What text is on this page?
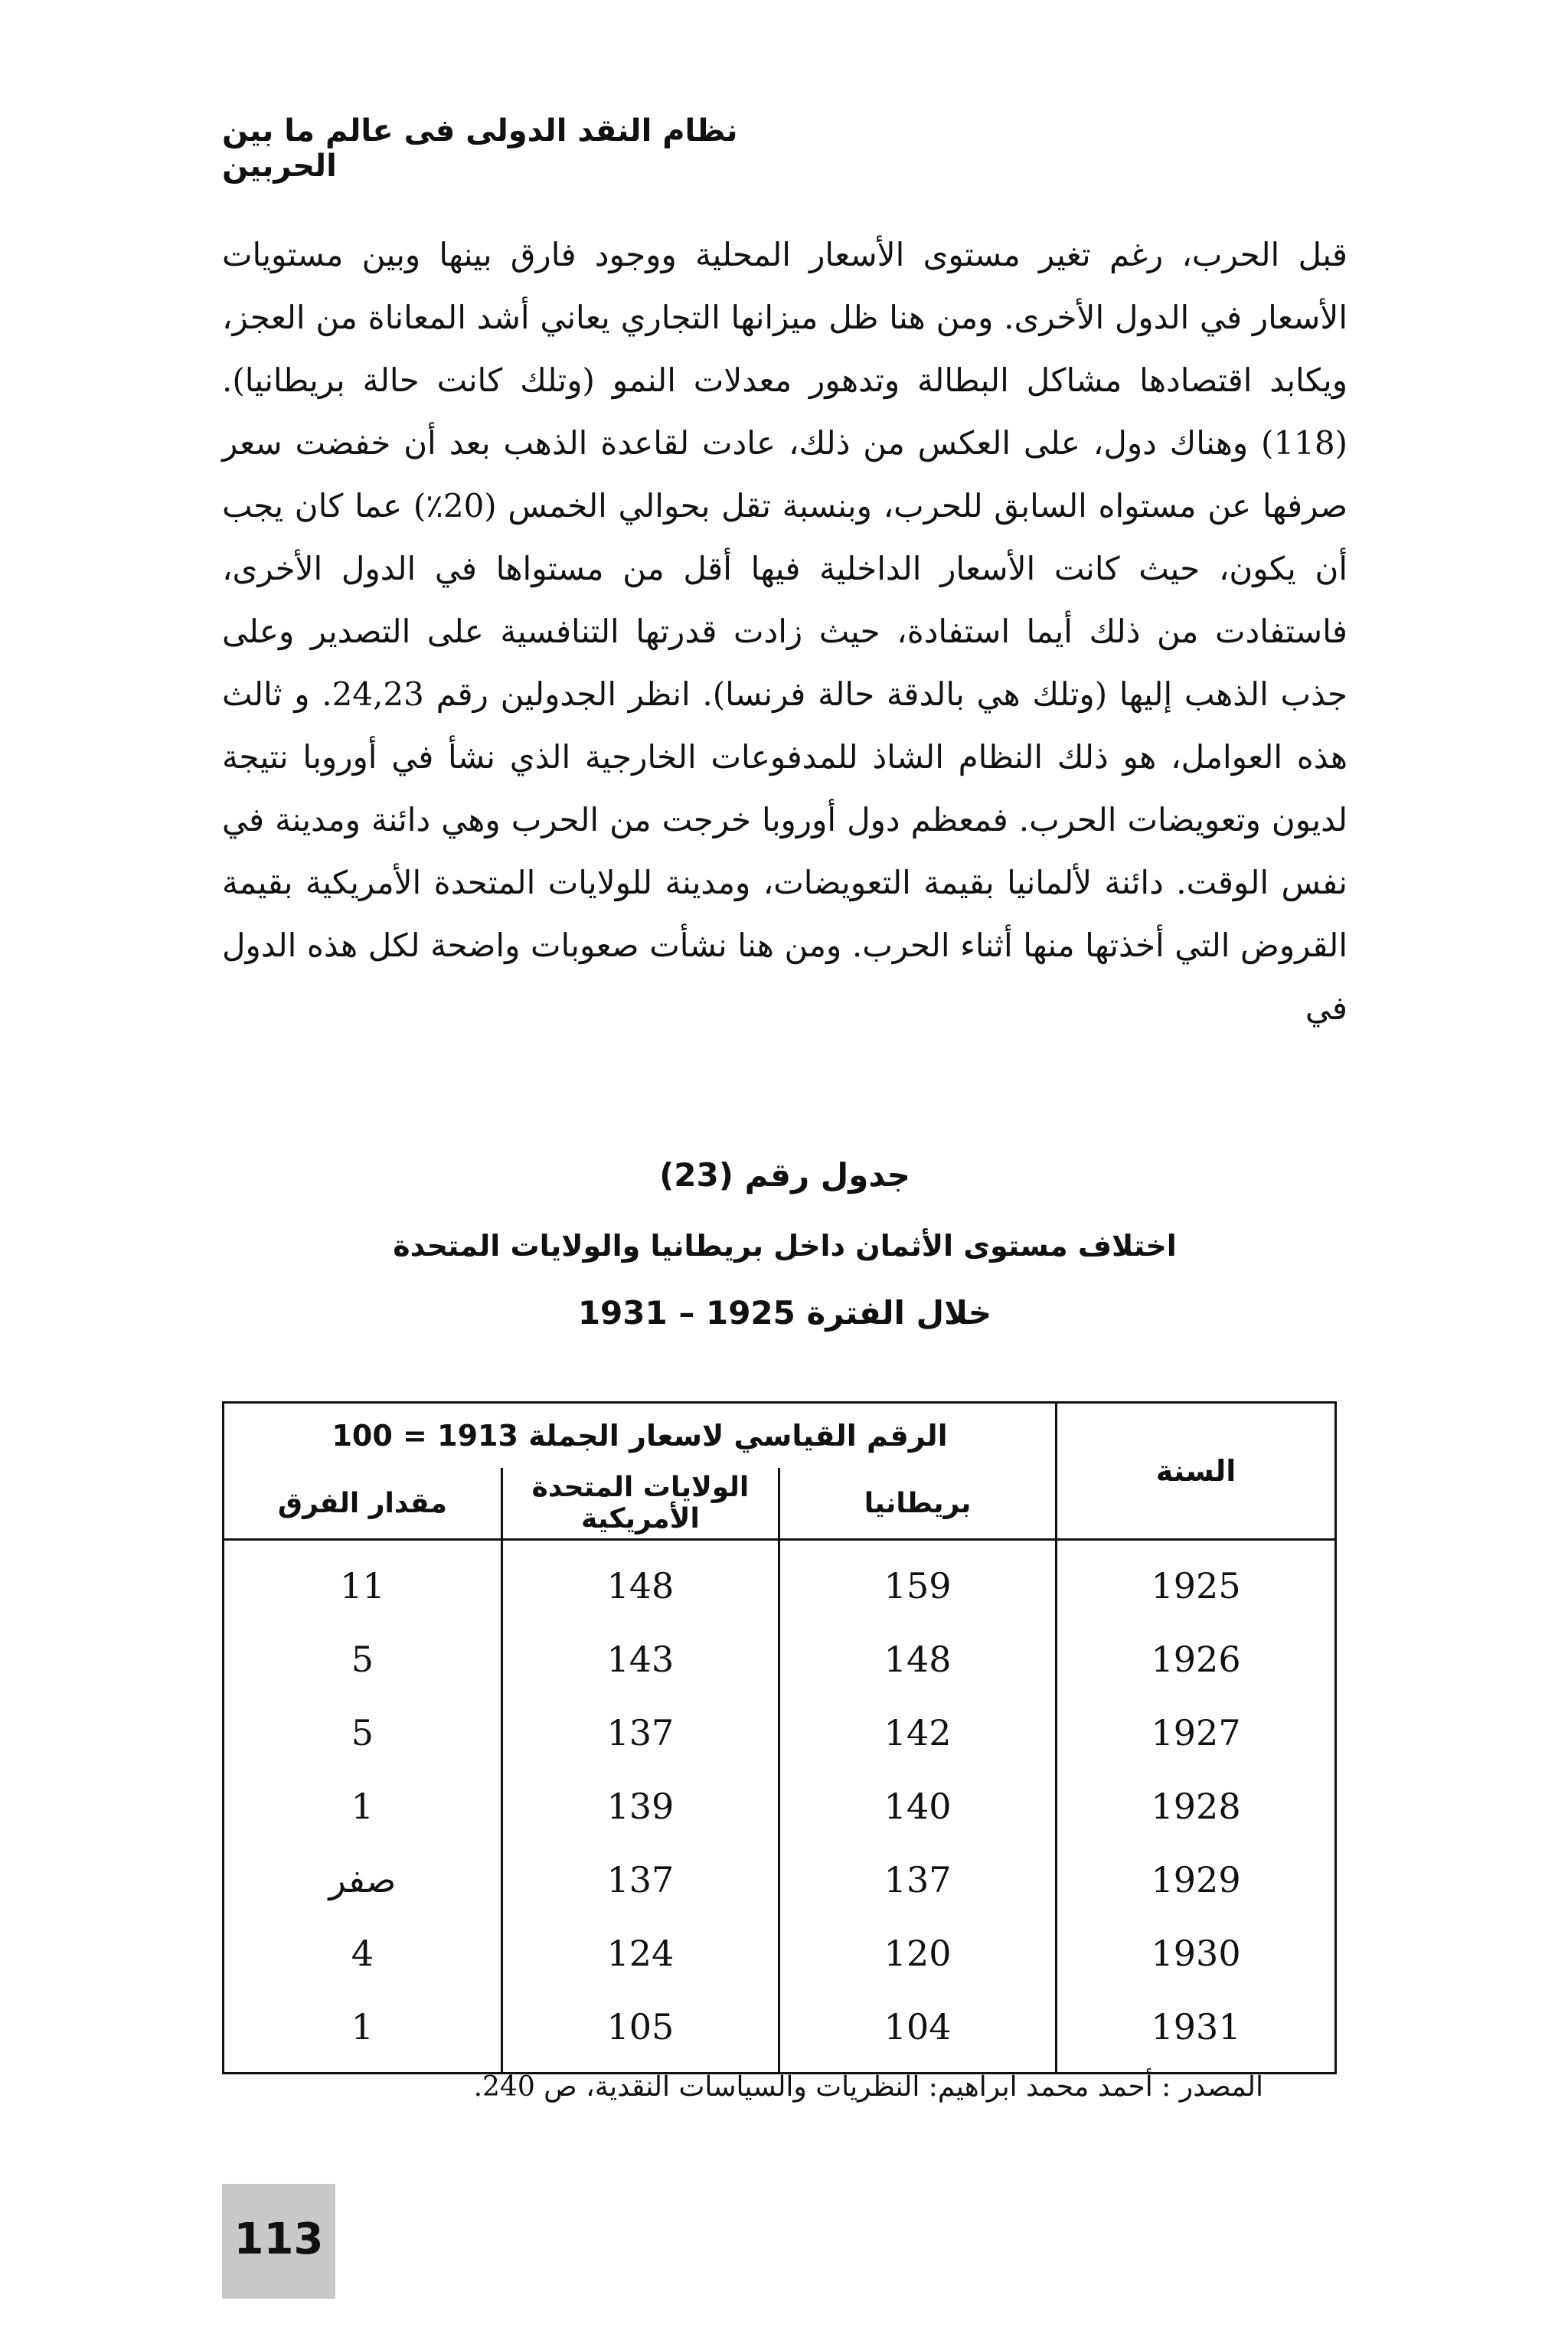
نظام النقد الدولى فى عالم ما بين الحربين

قبل الحرب، رغم تغير مستوى الأسعار المحلية ووجود فارق بينها وبين مستويات الأسعار في الدول الأخرى. ومن هنا ظل ميزانها التجاري يعاني أشد المعاناة من العجز، ويكابد اقتصادها مشاكل البطالة وتدهور معدلات النمو (وتلك كانت حالة بريطانيا). (118) وهناك دول، على العكس من ذلك، عادت لقاعدة الذهب بعد أن خفضت سعر صرفها عن مستواه السابق للحرب، وبنسبة تقل بحوالي الخمس (20٪) عما كان يجب أن يكون، حيث كانت الأسعار الداخلية فيها أقل من مستواها في الدول الأخرى، فاستفادت من ذلك أيما استفادة، حيث زادت قدرتها التنافسية على التصدير وعلى جذب الذهب إليها (وتلك هي بالدقة حالة فرنسا). انظر الجدولين رقم 24,23. و ثالث هذه العوامل، هو ذلك النظام الشاذ للمدفوعات الخارجية الذي نشأ في أوروبا نتيجة لديون وتعويضات الحرب. فمعظم دول أوروبا خرجت من الحرب وهي دائنة ومدينة في نفس الوقت. دائنة لألمانيا بقيمة التعويضات، ومدينة للولايات المتحدة الأمريكية بقيمة القروض التي أخذتها منها أثناء الحرب. ومن هنا نشأت صعوبات واضحة لكل هذه الدول في

جدول رقم (23)
اختلاف مستوى الأثمان داخل بريطانيا والولايات المتحدة
خلال الفترة 1925 – 1931
السنة	الرقم القياسي لاسعار الجملة 1913 = 100		
	بريطانيا	الولايات المتحدة الأمريكية	مقدار الفرق
1925	159	148	11
1926	148	143	5
1927	142	137	5
1928	140	139	1
1929	137	137	صفر
1930	120	124	4
1931	104	105	1
المصدر : أحمد محمد ابراهيم: النظريات والسياسات النقدية، ص 240.
113
